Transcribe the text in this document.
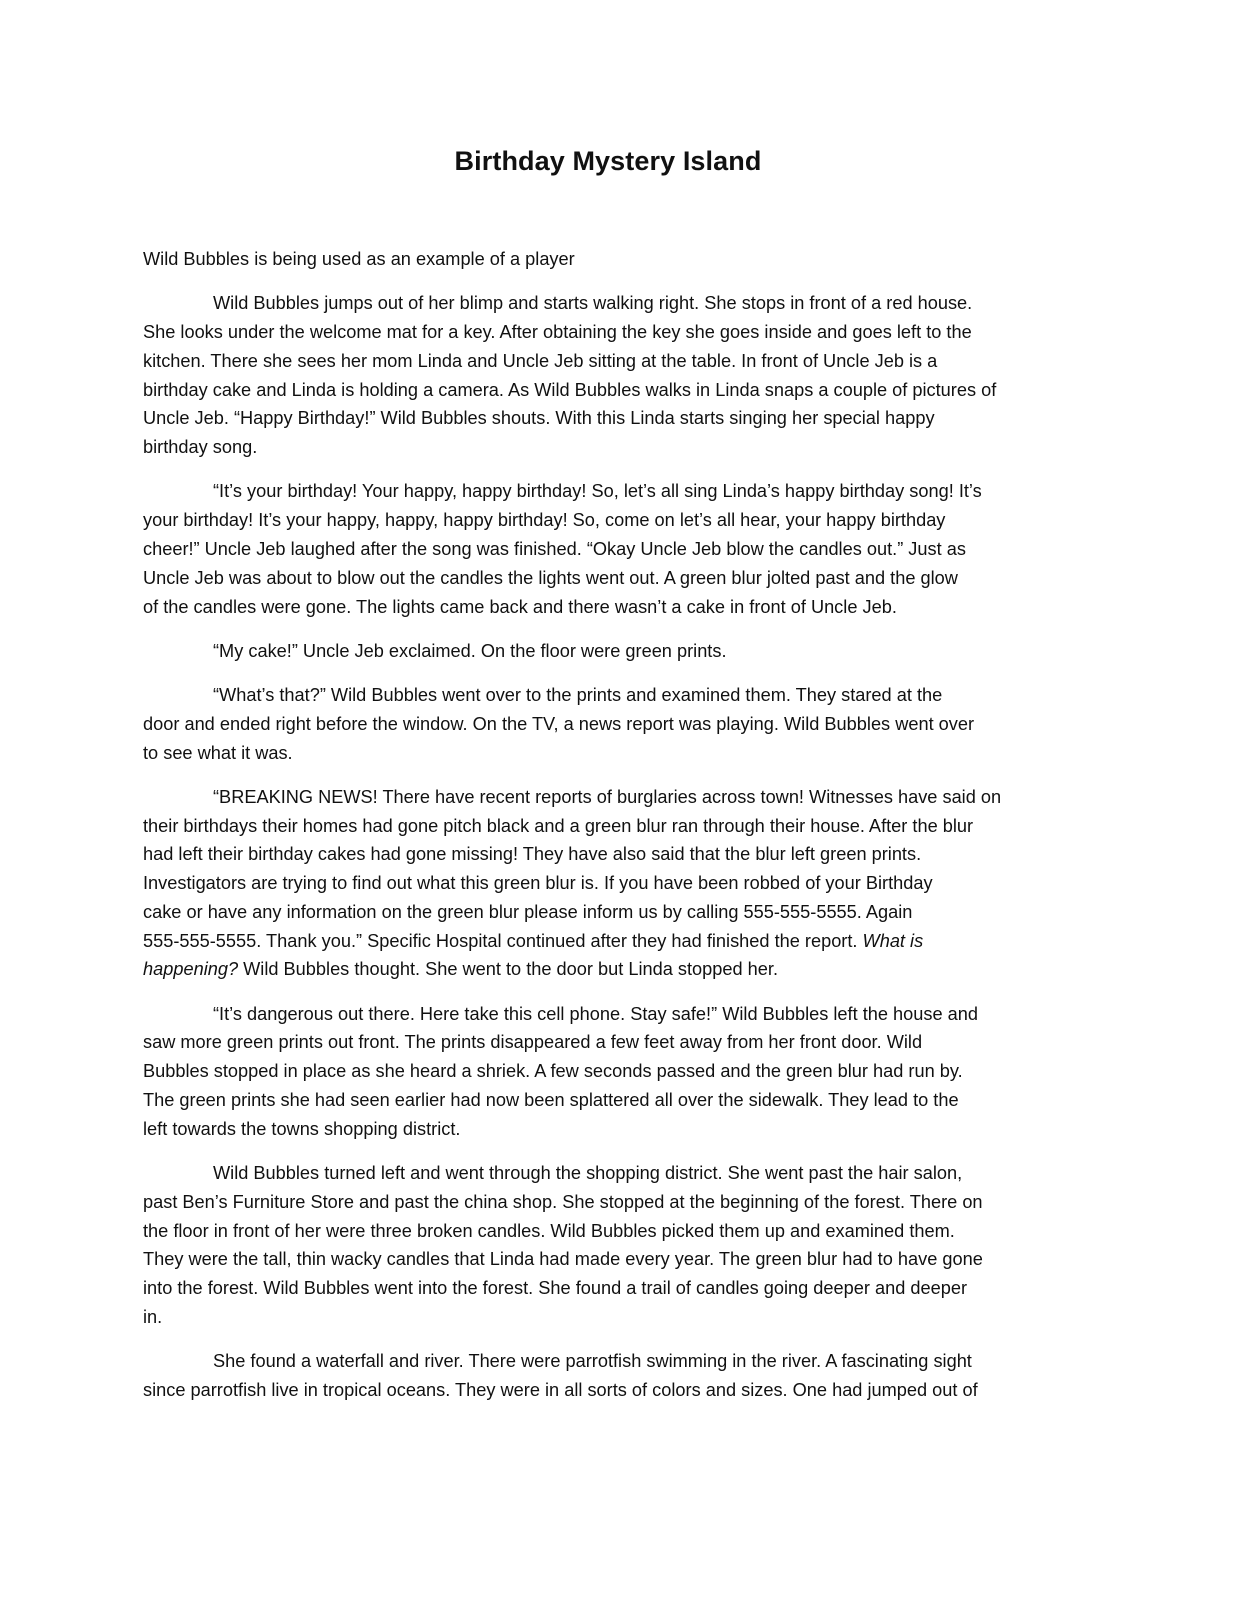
Birthday Mystery Island

Wild Bubbles is being used as an example of a player

Wild Bubbles jumps out of her blimp and starts walking right. She stops in front of a red house.
She looks under the welcome mat for a key. After obtaining the key she goes inside and goes left to the
kitchen. There she sees her mom Linda and Uncle Jeb sitting at the table. In front of Uncle Jeb is a
birthday cake and Linda is holding a camera. As Wild Bubbles walks in Linda snaps a couple of pictures of
Uncle Jeb. “Happy Birthday!” Wild Bubbles shouts. With this Linda starts singing her special happy
birthday song.

“It’s your birthday! Your happy, happy birthday! So, let’s all sing Linda’s happy birthday song! It’s
your birthday! It’s your happy, happy, happy birthday! So, come on let’s all hear, your happy birthday
cheer!” Uncle Jeb laughed after the song was finished. “Okay Uncle Jeb blow the candles out.” Just as
Uncle Jeb was about to blow out the candles the lights went out. A green blur jolted past and the glow
of the candles were gone. The lights came back and there wasn’t a cake in front of Uncle Jeb.

“My cake!” Uncle Jeb exclaimed. On the floor were green prints.

“What’s that?” Wild Bubbles went over to the prints and examined them. They stared at the
door and ended right before the window. On the TV, a news report was playing. Wild Bubbles went over
to see what it was.

“BREAKING NEWS! There have recent reports of burglaries across town! Witnesses have said on
their birthdays their homes had gone pitch black and a green blur ran through their house. After the blur
had left their birthday cakes had gone missing! They have also said that the blur left green prints.
Investigators are trying to find out what this green blur is. If you have been robbed of your Birthday
cake or have any information on the green blur please inform us by calling 555-555-5555. Again
555-555-5555. Thank you.” Specific Hospital continued after they had finished the report. What is
happening? Wild Bubbles thought. She went to the door but Linda stopped her.

“It’s dangerous out there. Here take this cell phone. Stay safe!” Wild Bubbles left the house and
saw more green prints out front. The prints disappeared a few feet away from her front door. Wild
Bubbles stopped in place as she heard a shriek. A few seconds passed and the green blur had run by.
The green prints she had seen earlier had now been splattered all over the sidewalk. They lead to the
left towards the towns shopping district.

Wild Bubbles turned left and went through the shopping district. She went past the hair salon,
past Ben’s Furniture Store and past the china shop. She stopped at the beginning of the forest. There on
the floor in front of her were three broken candles. Wild Bubbles picked them up and examined them.
They were the tall, thin wacky candles that Linda had made every year. The green blur had to have gone
into the forest. Wild Bubbles went into the forest. She found a trail of candles going deeper and deeper
in.

She found a waterfall and river. There were parrotfish swimming in the river. A fascinating sight
since parrotfish live in tropical oceans. They were in all sorts of colors and sizes. One had jumped out of
